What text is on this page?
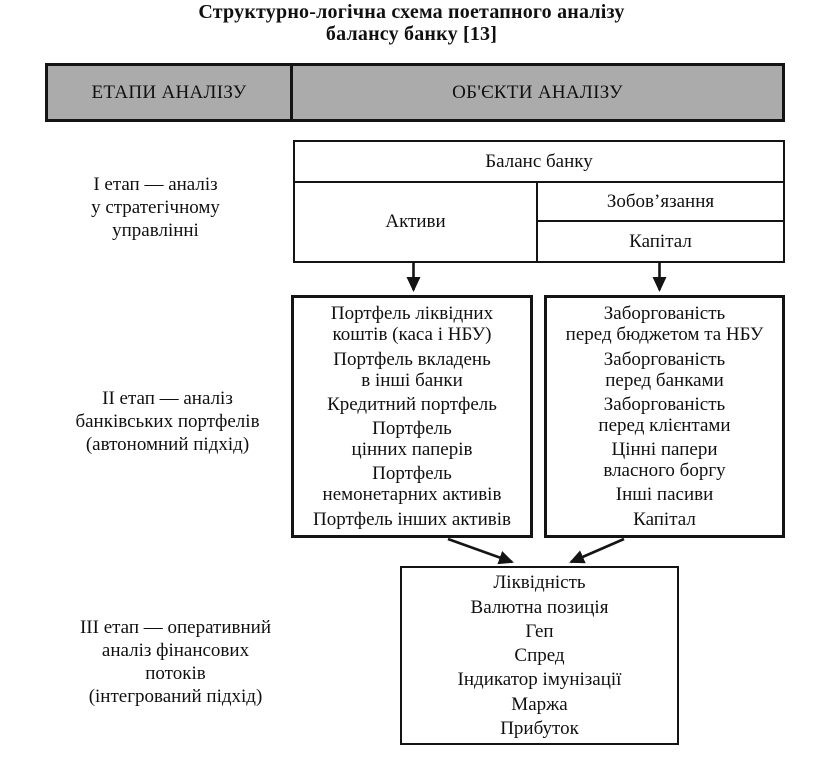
Структурно-логічна схема поетапного аналізу
балансу банку [13]
ЕТАПИ АНАЛІЗУ	ОБ'ЄКТИ АНАЛІЗУ
І етап — аналіз
у стратегічному
управлінні
ІІ етап — аналіз
банківських портфелів
(автономний підхід)
ІІІ етап — оперативний
аналіз фінансових
потоків
(інтегрований підхід)
Баланс банку
Активи
Зобов’язання
Капітал
Портфель ліквідних
коштів (каса і НБУ)
Портфель вкладень
в інші банки
Кредитний портфель
Портфель
цінних паперів
Портфель
немонетарних активів
Портфель інших активів
Заборгованість
перед бюджетом та НБУ
Заборгованість
перед банками
Заборгованість
перед клієнтами
Цінні папери
власного боргу
Інші пасиви
Капітал
Ліквідність
Валютна позиція
Геп
Спред
Індикатор імунізації
Маржа
Прибуток
